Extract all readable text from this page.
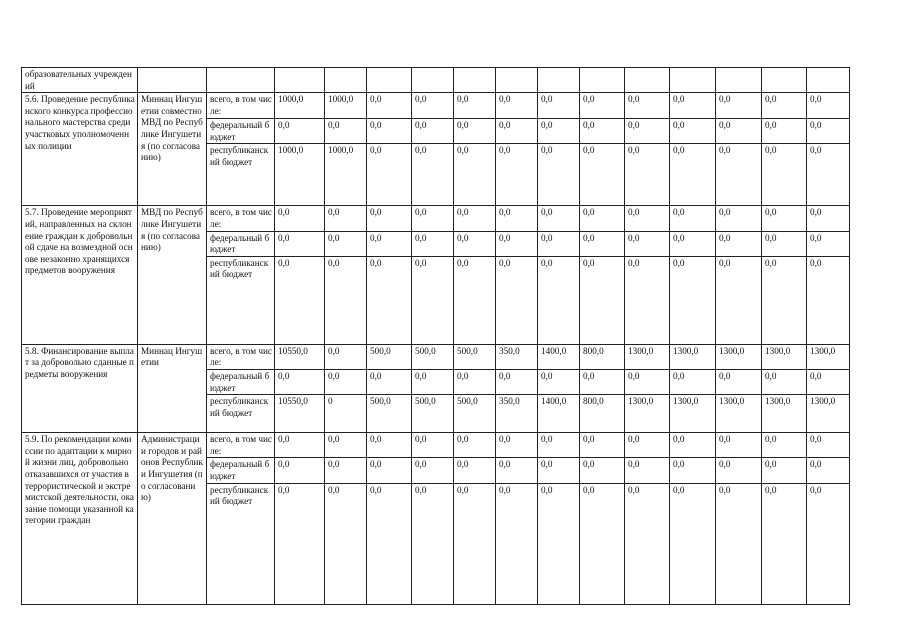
образовательных учреждений															
5.6. Проведение республиканского конкурса профессионального мастерства среди участковых уполномоченных полиции	Миннац Ингушетии совместно МВД по Республике Ингушетия (по согласованию)	всего, в том числе:	1000,0	1000,0	0,0	0,0	0,0	0,0	0,0	0,0	0,0	0,0	0,0	0,0	0,0
		федеральный бюджет	0,0	0,0	0,0	0,0	0,0	0,0	0,0	0,0	0,0	0,0	0,0	0,0	0,0
		республиканский бюджет	1000,0	1000,0	0,0	0,0	0,0	0,0	0,0	0,0	0,0	0,0	0,0	0,0	0,0
5.7. Проведение мероприятий, направленных на склонение граждан к добровольной сдаче на возмездной основе незаконно хранящихся предметов вооружения	МВД по Республике Ингушетия (по согласованию)	всего, в том числе:	0,0	0,0	0,0	0,0	0,0	0,0	0,0	0,0	0,0	0,0	0,0	0,0	0,0
		федеральный бюджет	0,0	0,0	0,0	0,0	0,0	0,0	0,0	0,0	0,0	0,0	0,0	0,0	0,0
		республиканский бюджет	0,0	0,0	0,0	0,0	0,0	0,0	0,0	0,0	0,0	0,0	0,0	0,0	0,0
5.8. Финансирование выплат за добровольно сданные предметы вооружения	Миннац Ингушетии	всего, в том числе:	10550,0	0,0	500,0	500,0	500,0	350,0	1400,0	800,0	1300,0	1300,0	1300,0	1300,0	1300,0
		федеральный бюджет	0,0	0,0	0,0	0,0	0,0	0,0	0,0	0,0	0,0	0,0	0,0	0,0	0,0
		республиканский бюджет	10550,0	0	500,0	500,0	500,0	350,0	1400,0	800,0	1300,0	1300,0	1300,0	1300,0	1300,0
5.9. По рекомендации комиссии по адаптации к мирной жизни лиц, добровольно отказавшихся от участия в террористической и экстремистской деятельности, оказание помощи указанной категории граждан	Администрации городов и районов Республики Ингушетия (по согласованию)	всего, в том числе:	0,0	0,0	0,0	0,0	0,0	0,0	0,0	0,0	0,0	0,0	0,0	0,0	0,0
		федеральный бюджет	0,0	0,0	0,0	0,0	0,0	0,0	0,0	0,0	0,0	0,0	0,0	0,0	0,0
		республиканский бюджет	0,0	0,0	0,0	0,0	0,0	0,0	0,0	0,0	0,0	0,0	0,0	0,0	0,0
